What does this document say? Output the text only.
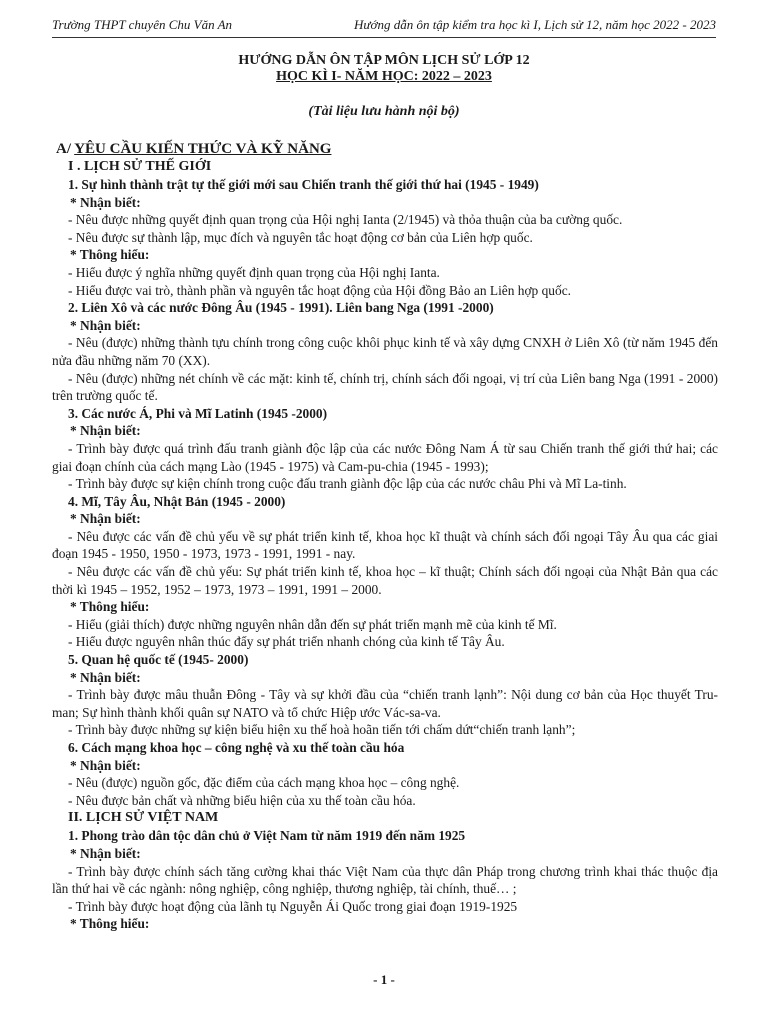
Trường THPT chuyên Chu Văn An	Hướng dẫn ôn tập kiểm tra học kì I, Lịch sử 12, năm học 2022 - 2023
HƯỚNG DẪN ÔN TẬP MÔN LỊCH SỬ LỚP 12
HỌC KÌ I- NĂM HỌC: 2022 – 2023
(Tài liệu lưu hành nội bộ)

A/ YÊU CẦU KIẾN THỨC VÀ KỸ NĂNG

I . LỊCH SỬ THẾ GIỚI

1. Sự hình thành trật tự thế giới mới sau Chiến tranh thế giới thứ hai (1945 - 1949)

* Nhận biết:

- Nêu được những quyết định quan trọng của Hội nghị Ianta (2/1945) và thỏa thuận của ba cường quốc.

- Nêu được sự thành lập, mục đích và nguyên tắc hoạt động cơ bản của Liên hợp quốc.

* Thông hiểu:

- Hiểu được ý nghĩa những quyết định quan trọng của Hội nghị Ianta.

- Hiểu được vai trò, thành phần và nguyên tắc hoạt động của Hội đồng Bảo an Liên hợp quốc.

2. Liên Xô và các nước Đông Âu (1945 - 1991). Liên bang Nga (1991 -2000)

* Nhận biết:

- Nêu (được) những thành tựu chính trong công cuộc khôi phục kinh tế và xây dựng CNXH ở Liên Xô (từ năm 1945 đến nửa đầu những năm 70 (XX).

- Nêu (được) những nét chính về các mặt: kinh tế, chính trị, chính sách đối ngoại, vị trí của Liên bang Nga (1991 - 2000) trên trường quốc tế.

3. Các nước Á, Phi và Mĩ Latinh (1945 -2000)

* Nhận biết:

- Trình bày được quá trình đấu tranh giành độc lập của các nước Đông Nam Á từ sau Chiến tranh thế giới thứ hai; các giai đoạn chính của cách mạng Lào (1945 - 1975) và Cam-pu-chia (1945 - 1993);

- Trình bày được sự kiện chính trong cuộc đấu tranh giành độc lập của các nước châu Phi và Mĩ La-tinh.

4. Mĩ, Tây Âu, Nhật Bản (1945 - 2000)

* Nhận biết:

- Nêu được các vấn đề chủ yếu về sự phát triển kinh tế, khoa học kĩ thuật và chính sách đối ngoại Tây Âu qua các giai đoạn 1945 - 1950, 1950 - 1973, 1973 - 1991, 1991 - nay.

- Nêu được các vấn đề chủ yếu: Sự phát triển kinh tế, khoa học – kĩ thuật; Chính sách đối ngoại của Nhật Bản qua các thời kì 1945 – 1952, 1952 – 1973, 1973 – 1991, 1991 – 2000.

* Thông hiểu:

- Hiểu (giải thích) được những nguyên nhân dẫn đến sự phát triển mạnh mẽ của kinh tế Mĩ.

- Hiểu được nguyên nhân thúc đẩy sự phát triển nhanh chóng của kinh tế Tây Âu.

5. Quan hệ quốc tế (1945- 2000)

* Nhận biết:

- Trình bày được mâu thuẫn Đông - Tây và sự khởi đầu của “chiến tranh lạnh”: Nội dung cơ bản của Học thuyết Tru-man; Sự hình thành khối quân sự NATO và tổ chức Hiệp ước Vác-sa-va.

- Trình bày được những sự kiện biểu hiện xu thế hoà hoãn tiến tới chấm dứt“chiến tranh lạnh”;

6. Cách mạng khoa học – công nghệ và xu thế toàn cầu hóa

* Nhận biết:

- Nêu (được) nguồn gốc, đặc điểm của cách mạng khoa học – công nghệ.

- Nêu được bản chất và những biểu hiện của xu thế toàn cầu hóa.

II. LỊCH SỬ VIỆT NAM

1. Phong trào dân tộc dân chủ ở Việt Nam từ năm 1919 đến năm 1925

* Nhận biết:

- Trình bày được chính sách tăng cường khai thác Việt Nam của thực dân Pháp trong chương trình khai thác thuộc địa lần thứ hai về các ngành: nông nghiệp, công nghiệp, thương nghiệp, tài chính, thuế… ;

- Trình bày được hoạt động của lãnh tụ Nguyễn Ái Quốc trong giai đoạn 1919-1925

* Thông hiểu:

- 1 -
